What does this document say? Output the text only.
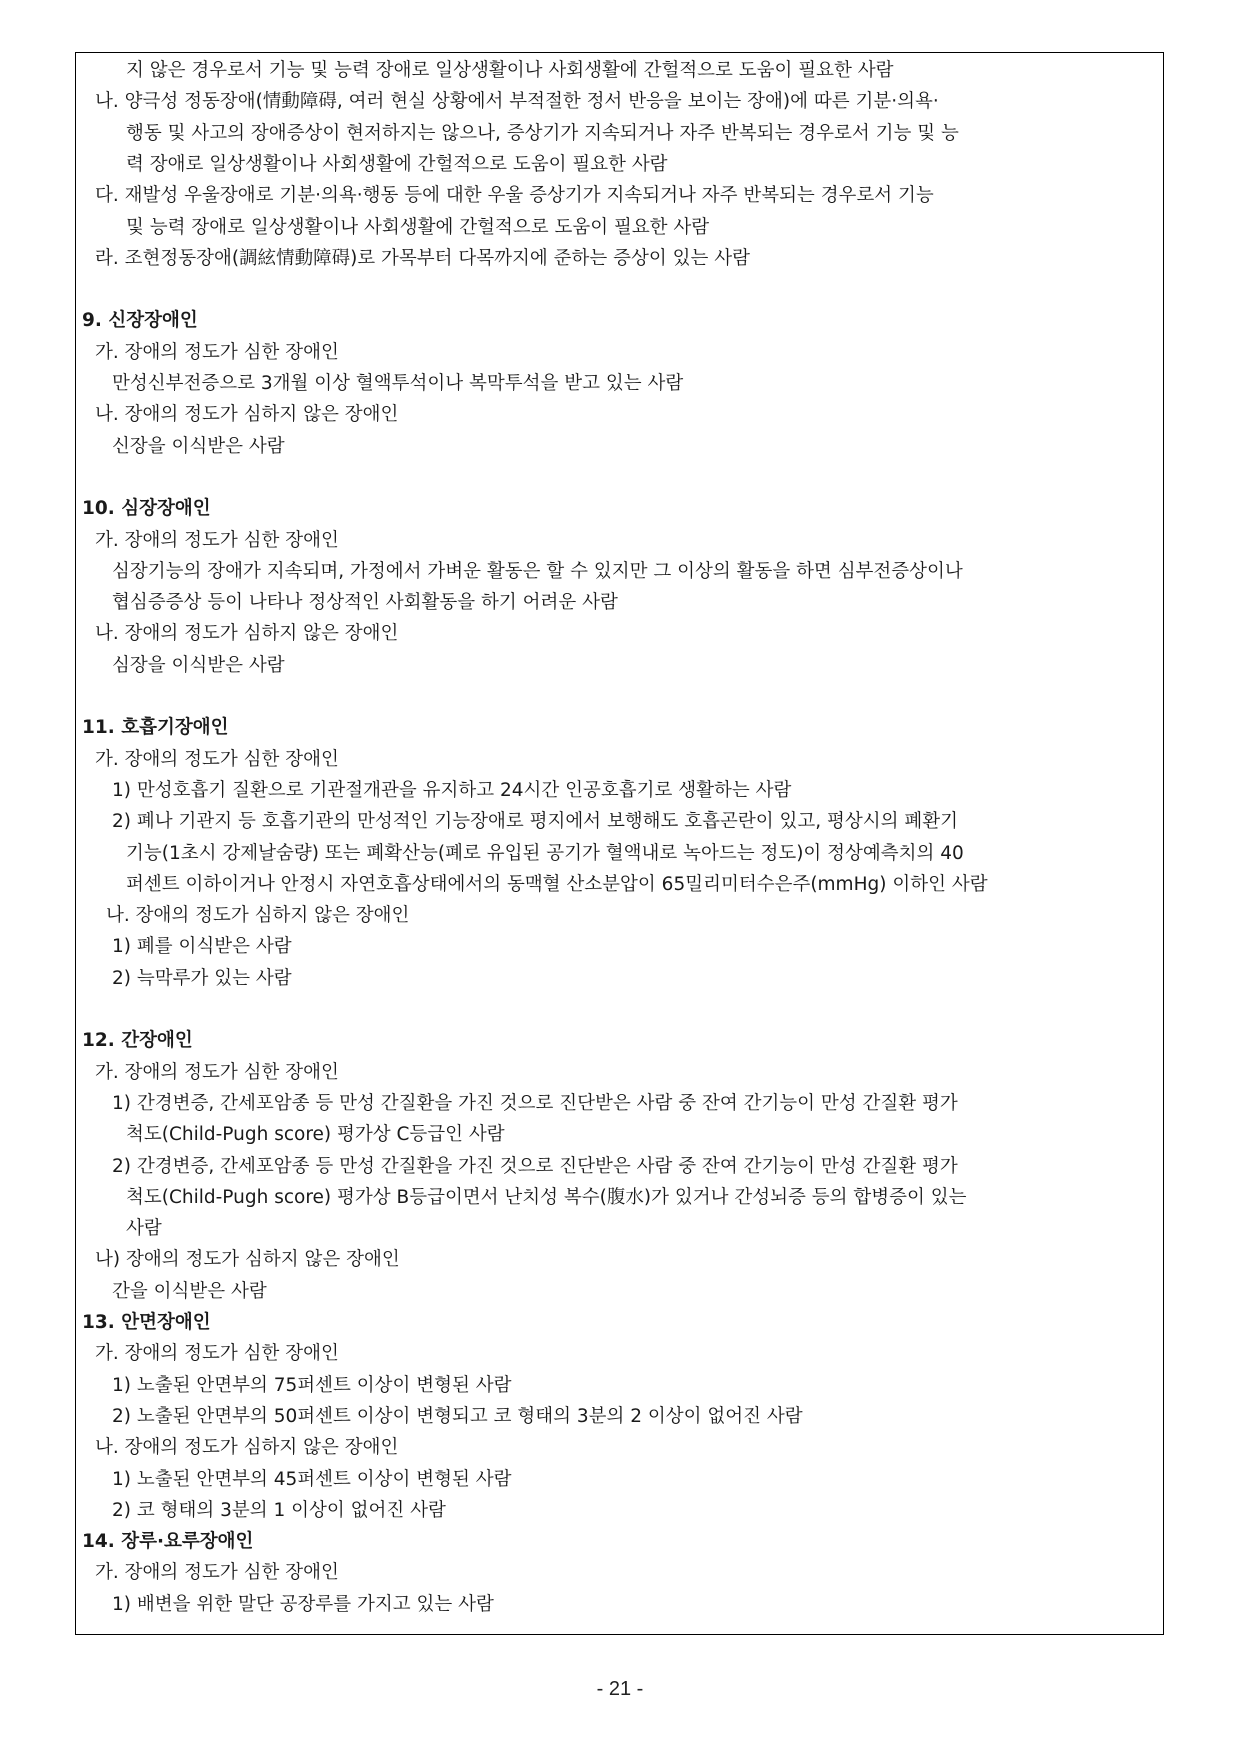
지 않은 경우로서 기능 및 능력 장애로 일상생활이나 사회생활에 간헐적으로 도움이 필요한 사람
나. 양극성 정동장애(情動障碍, 여러 현실 상황에서 부적절한 정서 반응을 보이는 장애)에 따른 기분·의욕·
행동 및 사고의 장애증상이 현저하지는 않으나, 증상기가 지속되거나 자주 반복되는 경우로서 기능 및 능
력 장애로 일상생활이나 사회생활에 간헐적으로 도움이 필요한 사람
다. 재발성 우울장애로 기분·의욕·행동 등에 대한 우울 증상기가 지속되거나 자주 반복되는 경우로서 기능
및 능력 장애로 일상생활이나 사회생활에 간헐적으로 도움이 필요한 사람
라. 조현정동장애(調絃情動障碍)로 가목부터 다목까지에 준하는 증상이 있는 사람
9. 신장장애인
가. 장애의 정도가 심한 장애인
만성신부전증으로 3개월 이상 혈액투석이나 복막투석을 받고 있는 사람
나. 장애의 정도가 심하지 않은 장애인
신장을 이식받은 사람
10. 심장장애인
가. 장애의 정도가 심한 장애인
심장기능의 장애가 지속되며, 가정에서 가벼운 활동은 할 수 있지만 그 이상의 활동을 하면 심부전증상이나
협심증증상 등이 나타나 정상적인 사회활동을 하기 어려운 사람
나. 장애의 정도가 심하지 않은 장애인
심장을 이식받은 사람
11. 호흡기장애인
가. 장애의 정도가 심한 장애인
1) 만성호흡기 질환으로 기관절개관을 유지하고 24시간 인공호흡기로 생활하는 사람
2) 폐나 기관지 등 호흡기관의 만성적인 기능장애로 평지에서 보행해도 호흡곤란이 있고, 평상시의 폐환기
기능(1초시 강제날숨량) 또는 폐확산능(폐로 유입된 공기가 혈액내로 녹아드는 정도)이 정상예측치의 40
퍼센트 이하이거나 안정시 자연호흡상태에서의 동맥혈 산소분압이 65밀리미터수은주(mmHg) 이하인 사람
나. 장애의 정도가 심하지 않은 장애인
1) 폐를 이식받은 사람
2) 늑막루가 있는 사람
12. 간장애인
가. 장애의 정도가 심한 장애인
1) 간경변증, 간세포암종 등 만성 간질환을 가진 것으로 진단받은 사람 중 잔여 간기능이 만성 간질환 평가
척도(Child-Pugh score) 평가상 C등급인 사람
2) 간경변증, 간세포암종 등 만성 간질환을 가진 것으로 진단받은 사람 중 잔여 간기능이 만성 간질환 평가
척도(Child-Pugh score) 평가상 B등급이면서 난치성 복수(腹水)가 있거나 간성뇌증 등의 합병증이 있는
사람
나) 장애의 정도가 심하지 않은 장애인
간을 이식받은 사람
13. 안면장애인
가. 장애의 정도가 심한 장애인
1) 노출된 안면부의 75퍼센트 이상이 변형된 사람
2) 노출된 안면부의 50퍼센트 이상이 변형되고 코 형태의 3분의 2 이상이 없어진 사람
나. 장애의 정도가 심하지 않은 장애인
1) 노출된 안면부의 45퍼센트 이상이 변형된 사람
2) 코 형태의 3분의 1 이상이 없어진 사람
14. 장루·요루장애인
가. 장애의 정도가 심한 장애인
1) 배변을 위한 말단 공장루를 가지고 있는 사람
- 21 -
